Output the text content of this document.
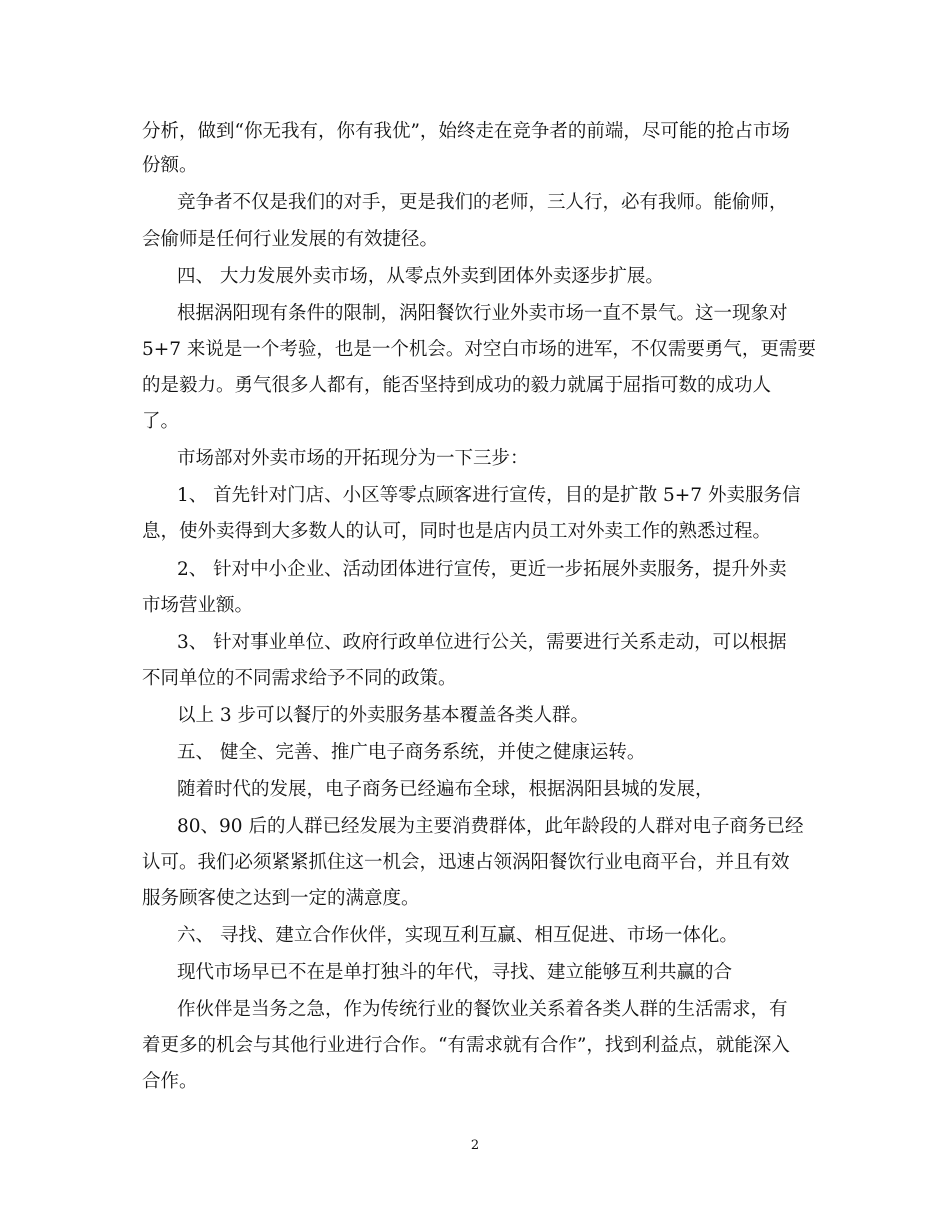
分析，做到“你无我有，你有我优”，始终走在竞争者的前端，尽可能的抢占市场

份额。

竞争者不仅是我们的对手，更是我们的老师，三人行，必有我师。能偷师，

会偷师是任何行业发展的有效捷径。

四、 大力发展外卖市场，从零点外卖到团体外卖逐步扩展。

根据涡阳现有条件的限制，涡阳餐饮行业外卖市场一直不景气。这一现象对

5+7 来说是一个考验，也是一个机会。对空白市场的进军，不仅需要勇气，更需要

的是毅力。勇气很多人都有，能否坚持到成功的毅力就属于屈指可数的成功人

了。

市场部对外卖市场的开拓现分为一下三步：

1、 首先针对门店、小区等零点顾客进行宣传，目的是扩散 5+7 外卖服务信

息，使外卖得到大多数人的认可，同时也是店内员工对外卖工作的熟悉过程。

2、 针对中小企业、活动团体进行宣传，更近一步拓展外卖服务，提升外卖

市场营业额。

3、 针对事业单位、政府行政单位进行公关，需要进行关系走动，可以根据

不同单位的不同需求给予不同的政策。

以上 3 步可以餐厅的外卖服务基本覆盖各类人群。

五、 健全、完善、推广电子商务系统，并使之健康运转。

随着时代的发展，电子商务已经遍布全球，根据涡阳县城的发展，

80、90 后的人群已经发展为主要消费群体，此年龄段的人群对电子商务已经

认可。我们必须紧紧抓住这一机会，迅速占领涡阳餐饮行业电商平台，并且有效

服务顾客使之达到一定的满意度。

六、 寻找、建立合作伙伴，实现互利互赢、相互促进、市场一体化。

现代市场早已不在是单打独斗的年代，寻找、建立能够互利共赢的合

作伙伴是当务之急，作为传统行业的餐饮业关系着各类人群的生活需求，有

着更多的机会与其他行业进行合作。“有需求就有合作”，找到利益点，就能深入

合作。

2
